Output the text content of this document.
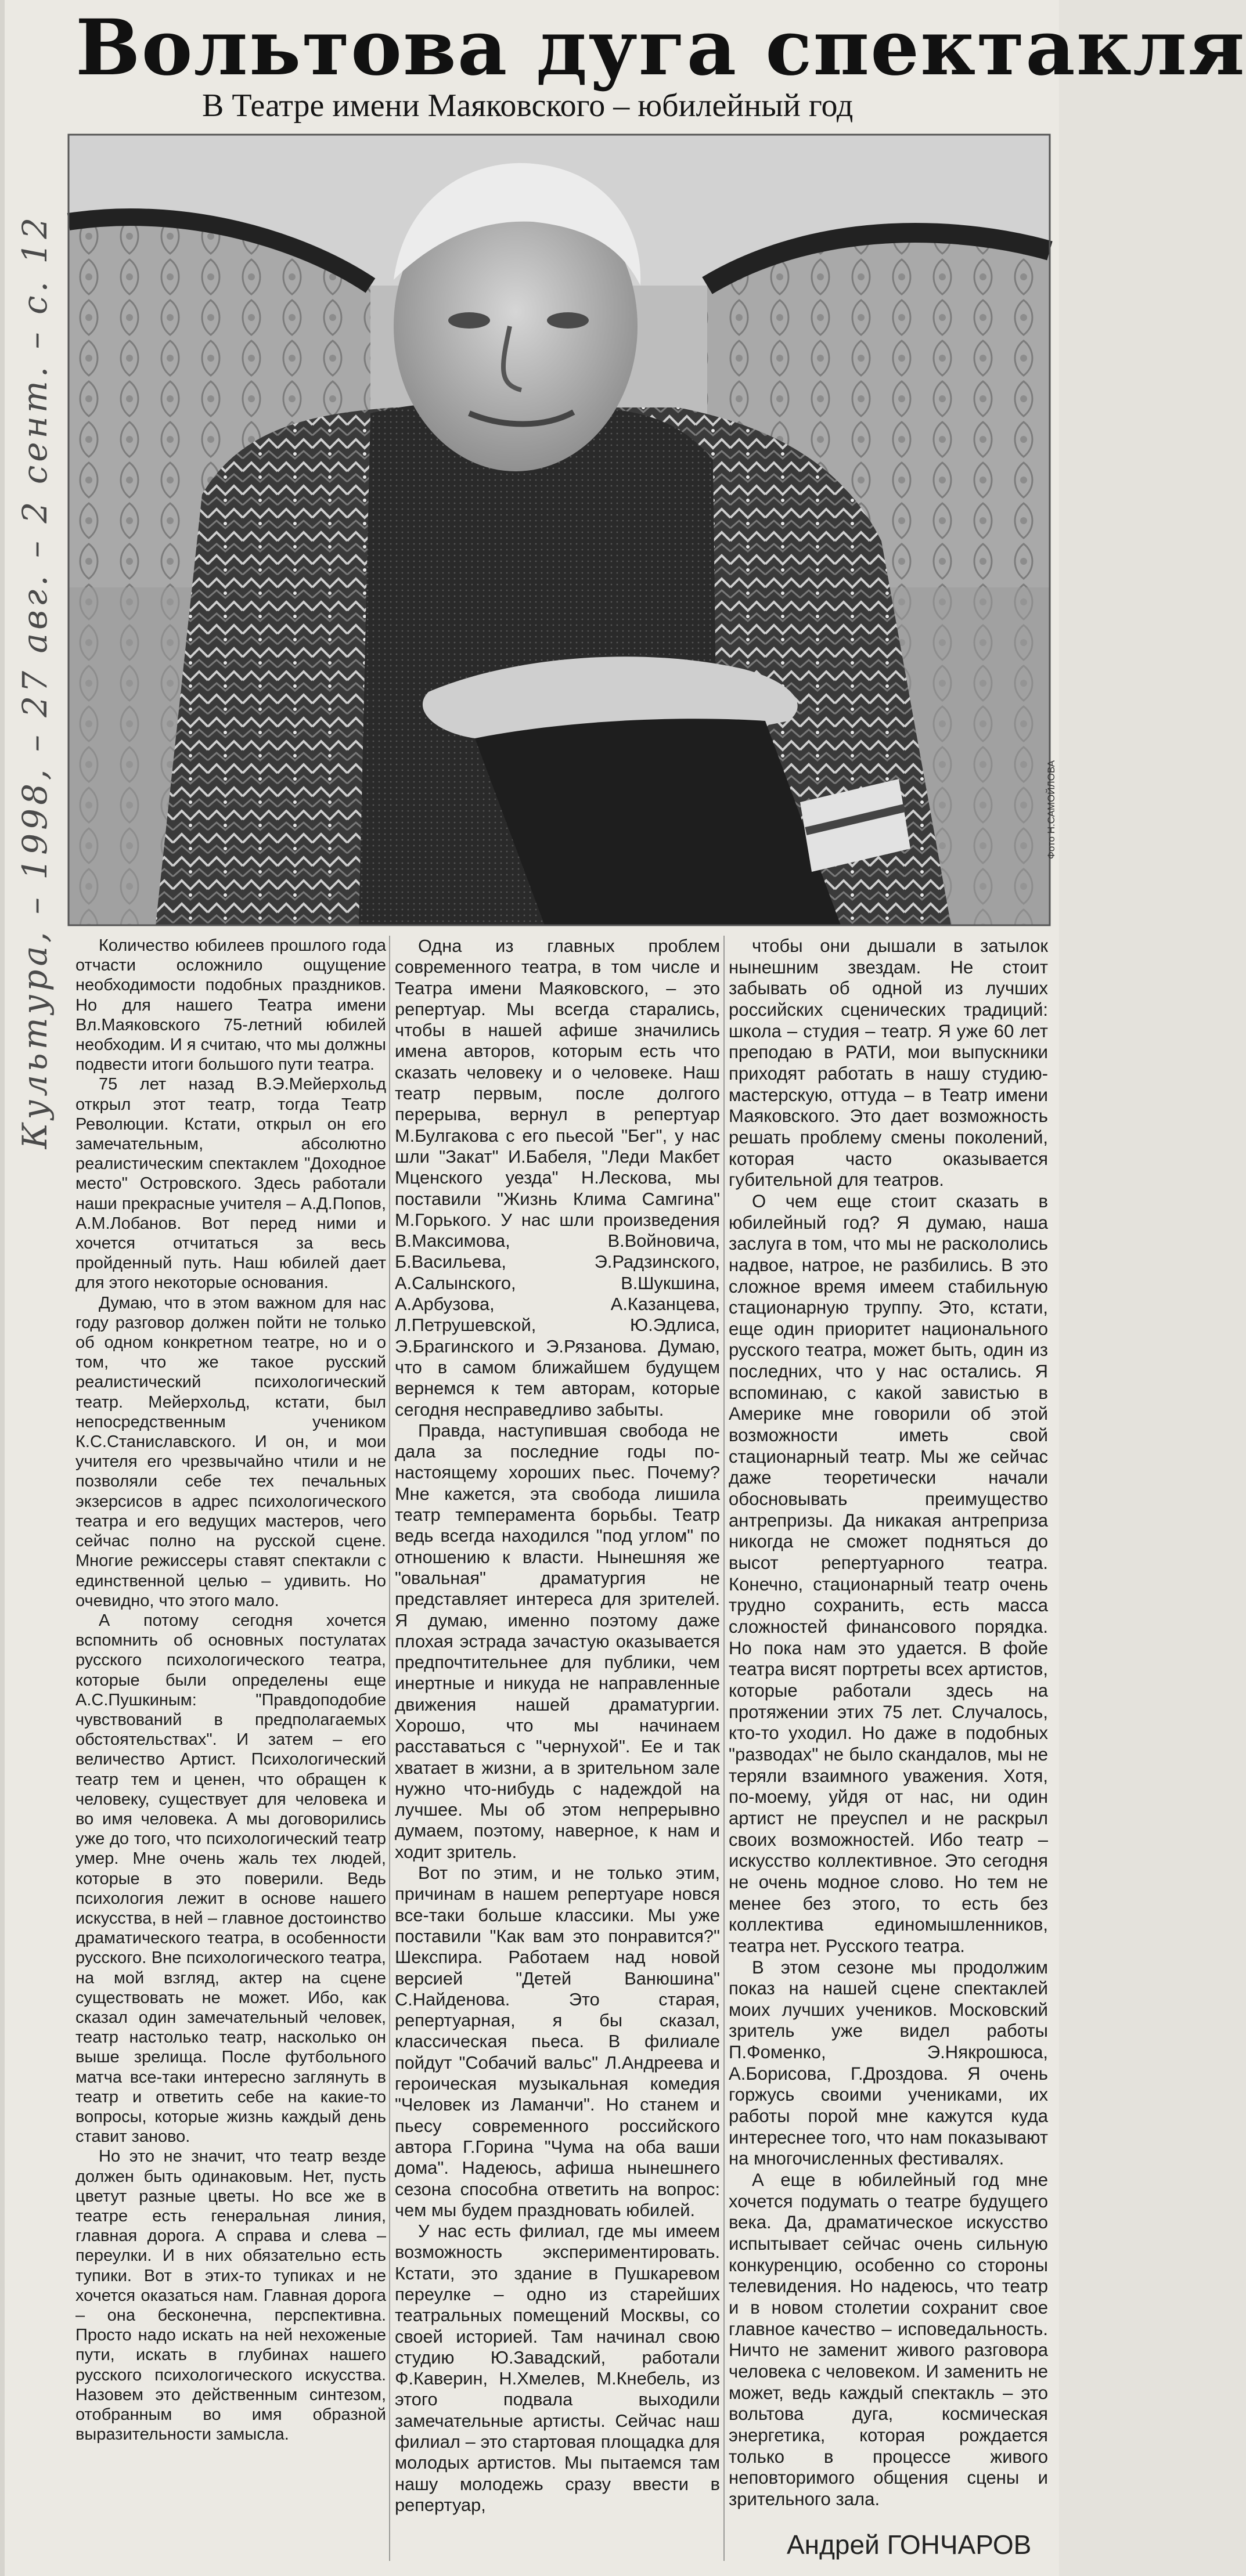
Культура, – 1998, – 27 авг. – 2 сент. – с. 12
Вольтова дуга спектакля
В Театре имени Маяковского – юбилейный год
Фото Н.САМОЙЛОВА

Количество юбилеев прошлого года отчасти осложнило ощущение необходимости подобных праздников. Но для нашего Театра имени Вл.Маяковского 75-летний юбилей необходим. И я считаю, что мы должны подвести итоги большого пути театра.

75 лет назад В.Э.Мейерхольд открыл этот театр, тогда Театр Революции. Кстати, открыл он его замечательным, абсолютно реалистическим спектаклем "Доходное место" Островского. Здесь работали наши прекрасные учителя – А.Д.Попов, А.М.Лобанов. Вот перед ними и хочется отчитаться за весь пройденный путь. Наш юбилей дает для этого некоторые основания.

Думаю, что в этом важном для нас году разговор должен пойти не только об одном конкретном театре, но и о том, что же такое русский реалистический психологический театр. Мейерхольд, кстати, был непосредственным учеником К.С.Станиславского. И он, и мои учителя его чрезвычайно чтили и не позволяли себе тех печальных экзерсисов в адрес психологического театра и его ведущих мастеров, чего сейчас полно на русской сцене. Многие режиссеры ставят спектакли с единственной целью – удивить. Но очевидно, что этого мало.

А потому сегодня хочется вспомнить об основных постулатах русского психологического театра, которые были определены еще А.С.Пушкиным: "Правдоподобие чувствований в предполагаемых обстоятельствах". И затем – его величество Артист. Психологический театр тем и ценен, что обращен к человеку, существует для человека и во имя человека. А мы договорились уже до того, что психологический театр умер. Мне очень жаль тех людей, которые в это поверили. Ведь психология лежит в основе нашего искусства, в ней – главное достоинство драматического театра, в особенности русского. Вне психологического театра, на мой взгляд, актер на сцене существовать не может. Ибо, как сказал один замечательный человек, театр настолько театр, насколько он выше зрелища. После футбольного матча все-таки интересно заглянуть в театр и ответить себе на какие-то вопросы, которые жизнь каждый день ставит заново.

Но это не значит, что театр везде должен быть одинаковым. Нет, пусть цветут разные цветы. Но все же в театре есть генеральная линия, главная дорога. А справа и слева – переулки. И в них обязательно есть тупики. Вот в этих-то тупиках и не хочется оказаться нам. Главная дорога – она бесконечна, перспективна. Просто надо искать на ней нехоженые пути, искать в глубинах нашего русского психологического искусства. Назовем это действенным синтезом, отобранным во имя образной выразительности замысла.

Одна из главных проблем современного театра, в том числе и Театра имени Маяковского, – это репертуар. Мы всегда старались, чтобы в нашей афише значились имена авторов, которым есть что сказать человеку и о человеке. Наш театр первым, после долгого перерыва, вернул в репертуар М.Булгакова с его пьесой "Бег", у нас шли "Закат" И.Бабеля, "Леди Макбет Мценского уезда" Н.Лескова, мы поставили "Жизнь Клима Самгина" М.Горького. У нас шли произведения В.Максимова, В.Войновича, Б.Васильева, Э.Радзинского, А.Салынского, В.Шукшина, А.Арбузова, А.Казанцева, Л.Петрушевской, Ю.Эдлиса, Э.Брагинского и Э.Рязанова. Думаю, что в самом ближайшем будущем вернемся к тем авторам, которые сегодня несправедливо забыты.

Правда, наступившая свобода не дала за последние годы по-настоящему хороших пьес. Почему? Мне кажется, эта свобода лишила театр темперамента борьбы. Театр ведь всегда находился "под углом" по отношению к власти. Нынешняя же "овальная" драматургия не представляет интереса для зрителей. Я думаю, именно поэтому даже плохая эстрада зачастую оказывается предпочтительнее для публики, чем инертные и никуда не направленные движения нашей драматургии. Хорошо, что мы начинаем расставаться с "чернухой". Ее и так хватает в жизни, а в зрительном зале нужно что-нибудь с надеждой на лучшее. Мы об этом непрерывно думаем, поэтому, наверное, к нам и ходит зритель.

Вот по этим, и не только этим, причинам в нашем репертуаре новся все-таки больше классики. Мы уже поставили "Как вам это понравится?" Шекспира. Работаем над новой версией "Детей Ванюшина" С.Найденова. Это старая, репертуарная, я бы сказал, классическая пьеса. В филиале пойдут "Собачий вальс" Л.Андреева и героическая музыкальная комедия "Человек из Ламанчи". Но станем и пьесу современного российского автора Г.Горина "Чума на оба ваши дома". Надеюсь, афиша нынешнего сезона способна ответить на вопрос: чем мы будем праздновать юбилей.

У нас есть филиал, где мы имеем возможность экспериментировать. Кстати, это здание в Пушкаревом переулке – одно из старейших театральных помещений Москвы, со своей историей. Там начинал свою студию Ю.Завадский, работали Ф.Каверин, Н.Хмелев, М.Кнебель, из этого подвала выходили замечательные артисты. Сейчас наш филиал – это стартовая площадка для молодых артистов. Мы пытаемся там нашу молодежь сразу ввести в репертуар,

чтобы они дышали в затылок нынешним звездам. Не стоит забывать об одной из лучших российских сценических традиций: школа – студия – театр. Я уже 60 лет преподаю в РАТИ, мои выпускники приходят работать в нашу студию-мастерскую, оттуда – в Театр имени Маяковского. Это дает возможность решать проблему смены поколений, которая часто оказывается губительной для театров.

О чем еще стоит сказать в юбилейный год? Я думаю, наша заслуга в том, что мы не раскололись надвое, натрое, не разбились. В это сложное время имеем стабильную стационарную труппу. Это, кстати, еще один приоритет национального русского театра, может быть, один из последних, что у нас остались. Я вспоминаю, с какой завистью в Америке мне говорили об этой возможности иметь свой стационарный театр. Мы же сейчас даже теоретически начали обосновывать преимущество антрепризы. Да никакая антреприза никогда не сможет подняться до высот репертуарного театра. Конечно, стационарный театр очень трудно сохранить, есть масса сложностей финансового порядка. Но пока нам это удается. В фойе театра висят портреты всех артистов, которые работали здесь на протяжении этих 75 лет. Случалось, кто-то уходил. Но даже в подобных "разводах" не было скандалов, мы не теряли взаимного уважения. Хотя, по-моему, уйдя от нас, ни один артист не преуспел и не раскрыл своих возможностей. Ибо театр – искусство коллективное. Это сегодня не очень модное слово. Но тем не менее без этого, то есть без коллектива единомышленников, театра нет. Русского театра.

В этом сезоне мы продолжим показ на нашей сцене спектаклей моих лучших учеников. Московский зритель уже видел работы П.Фоменко, Э.Някрошюса, А.Борисова, Г.Дроздова. Я очень горжусь своими учениками, их работы порой мне кажутся куда интереснее того, что нам показывают на многочисленных фестивалях.

А еще в юбилейный год мне хочется подумать о театре будущего века. Да, драматическое искусство испытывает сейчас очень сильную конкуренцию, особенно со стороны телевидения. Но надеюсь, что театр и в новом столетии сохранит свое главное качество – исповедальность. Ничто не заменит живого разговора человека с человеком. И заменить не может, ведь каждый спектакль – это вольтова дуга, космическая энергетика, которая рождается только в процессе живого неповторимого общения сцены и зрительного зала.

Андрей ГОНЧАРОВ
